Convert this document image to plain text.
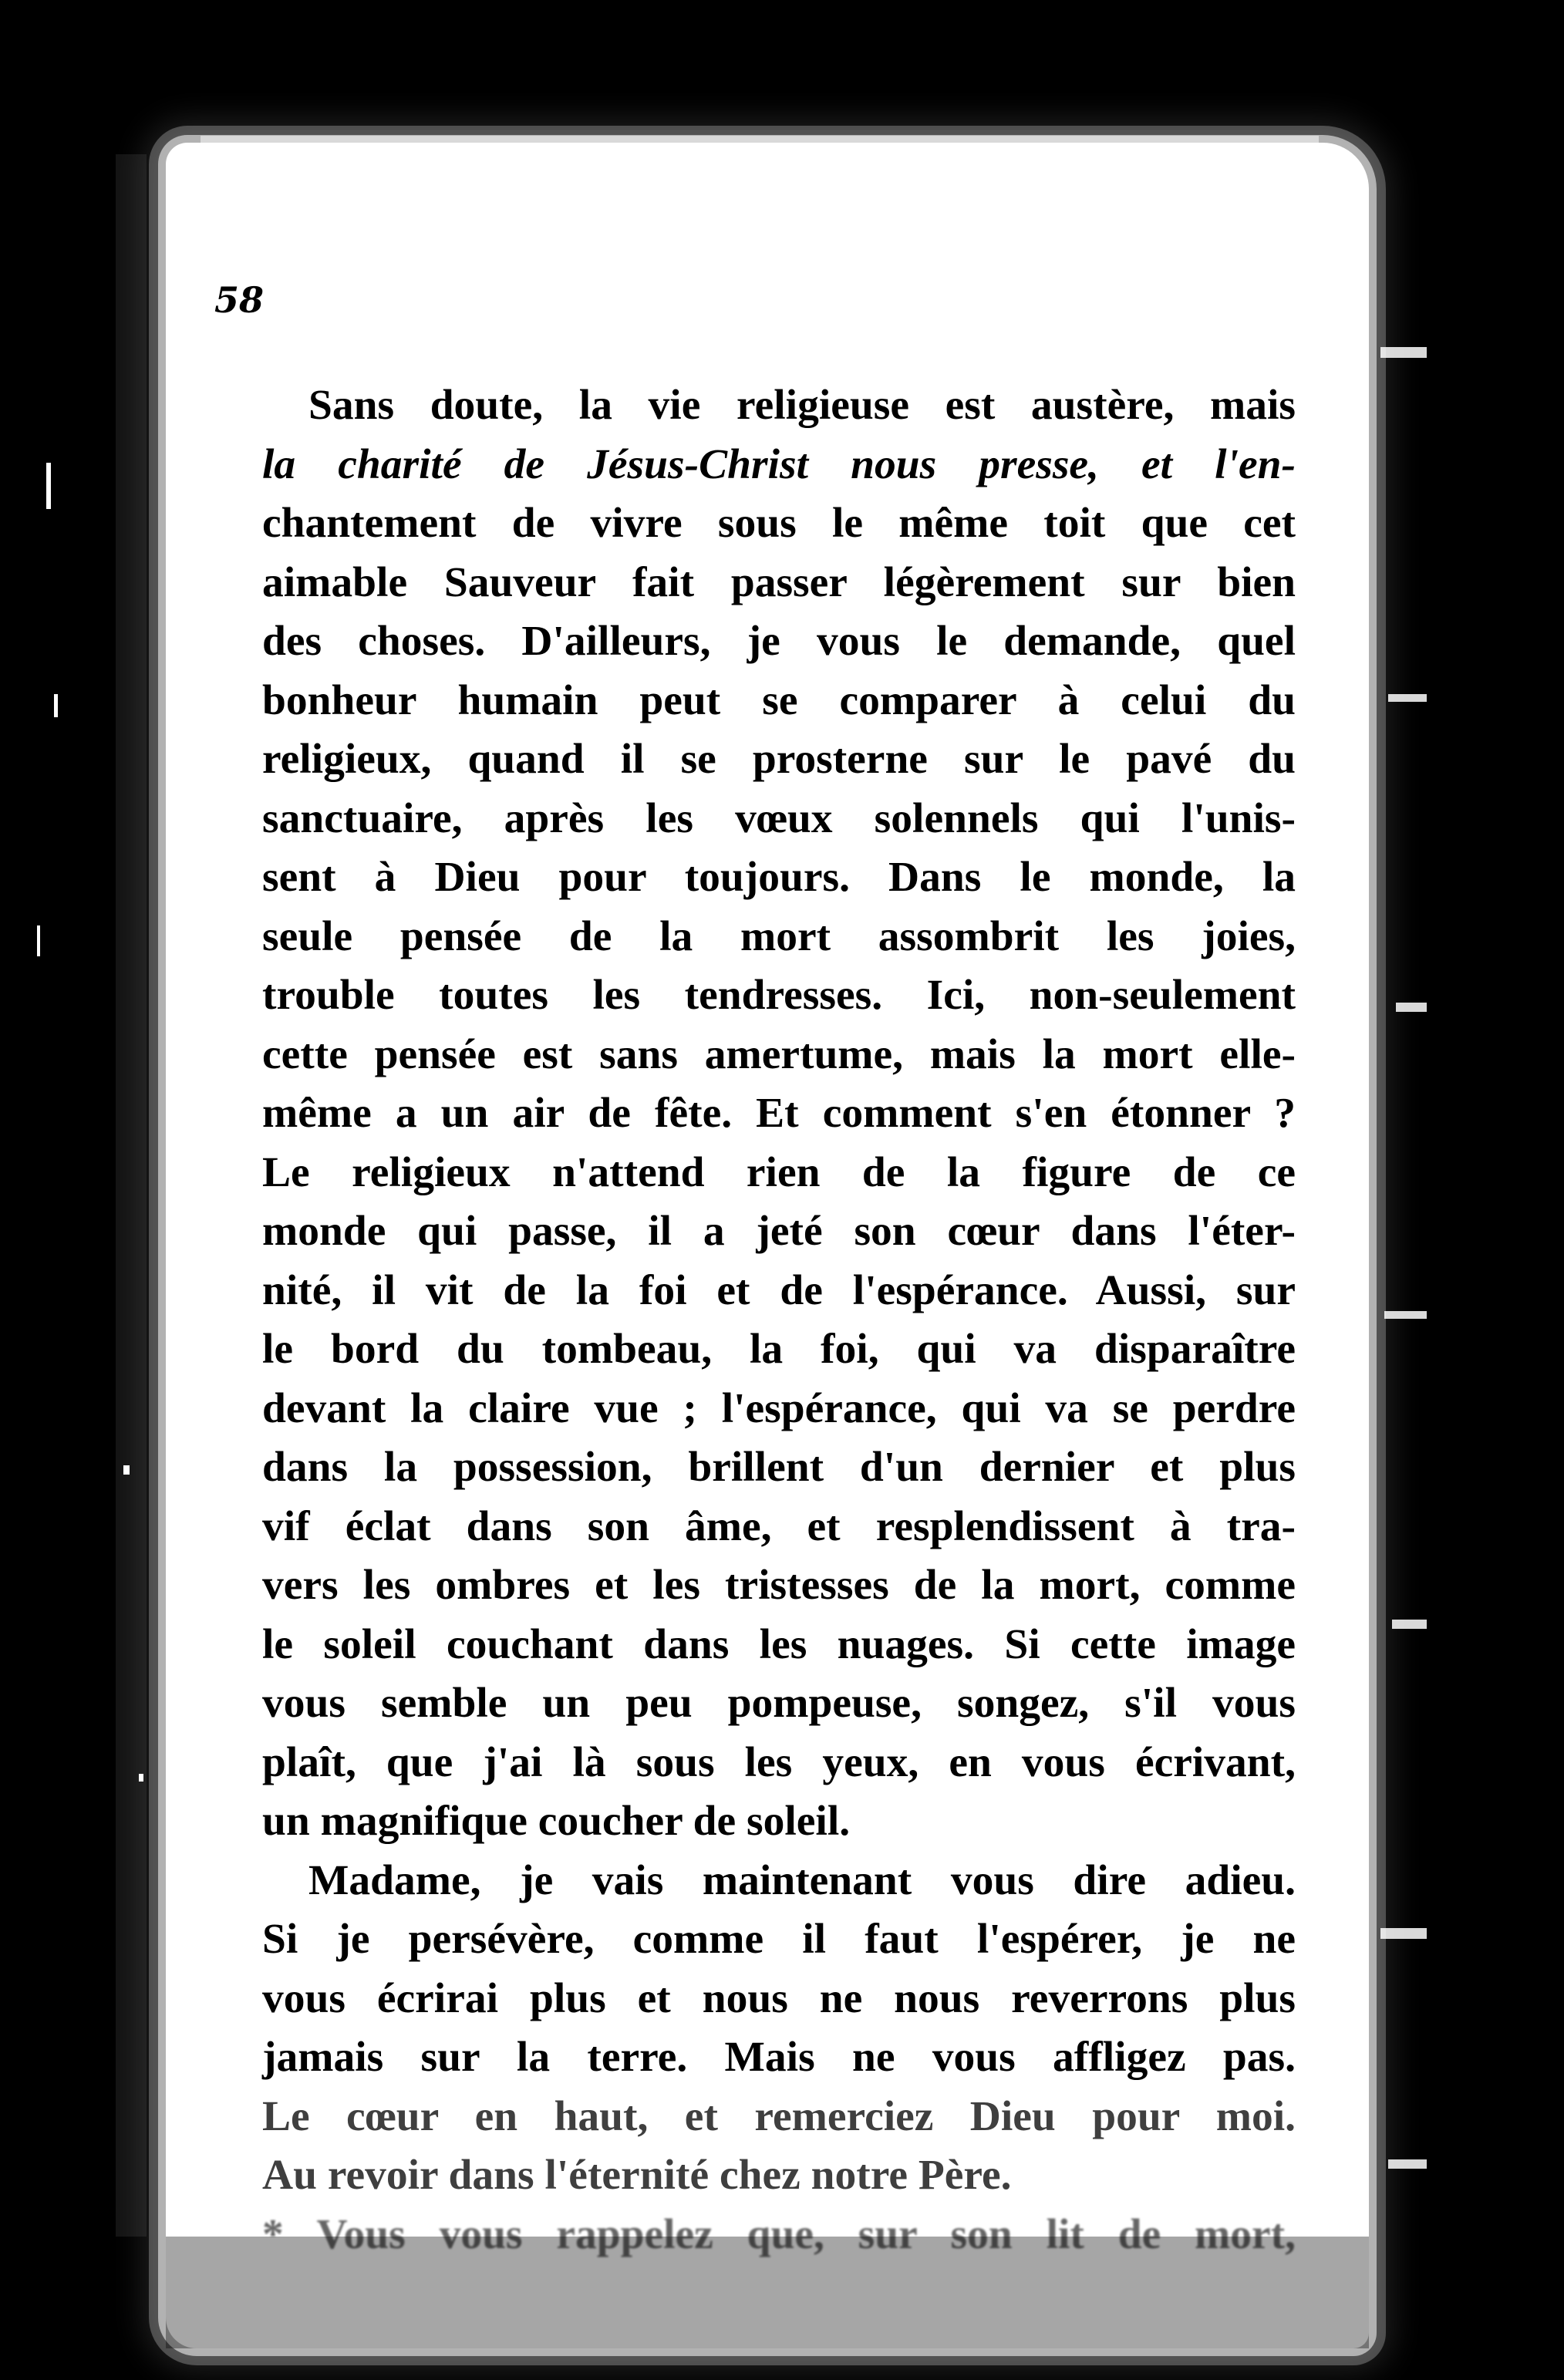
58

Sans doute, la vie religieuse est austère, mais
la charité de Jésus-Christ nous presse, et l'en-
chantement de vivre sous le même toit que cet
aimable Sauveur fait passer légèrement sur bien
des choses. D'ailleurs, je vous le demande, quel
bonheur humain peut se comparer à celui du
religieux, quand il se prosterne sur le pavé du
sanctuaire, après les vœux solennels qui l'unis-
sent à Dieu pour toujours. Dans le monde, la
seule pensée de la mort assombrit les joies,
trouble toutes les tendresses. Ici, non-seulement
cette pensée est sans amertume, mais la mort elle-
même a un air de fête. Et comment s'en étonner ?
Le religieux n'attend rien de la figure de ce
monde qui passe, il a jeté son cœur dans l'éter-
nité, il vit de la foi et de l'espérance. Aussi, sur
le bord du tombeau, la foi, qui va disparaître
devant la claire vue ; l'espérance, qui va se perdre
dans la possession, brillent d'un dernier et plus
vif éclat dans son âme, et resplendissent à tra-
vers les ombres et les tristesses de la mort, comme
le soleil couchant dans les nuages. Si cette image
vous semble un peu pompeuse, songez, s'il vous
plaît, que j'ai là sous les yeux, en vous écrivant,
un magnifique coucher de soleil.

Madame, je vais maintenant vous dire adieu.
Si je persévère, comme il faut l'espérer, je ne
vous écrirai plus et nous ne nous reverrons plus
jamais sur la terre. Mais ne vous affligez pas.
Le cœur en haut, et remerciez Dieu pour moi.
Au revoir dans l'éternité chez notre Père.

* Vous vous rappelez que, sur son lit de mort,
